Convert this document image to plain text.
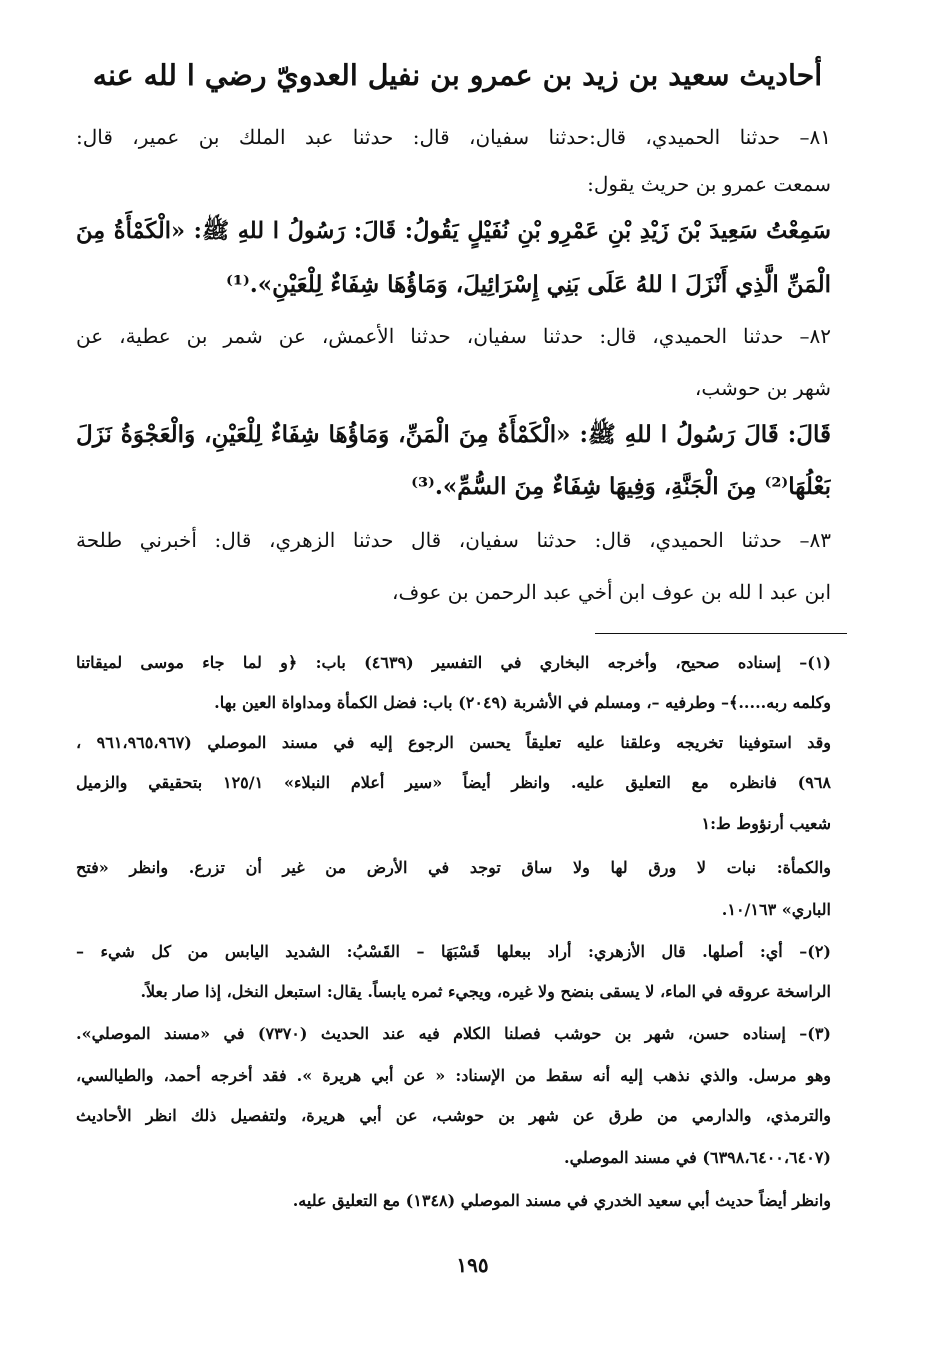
أحاديث سعيد بن زيد بن عمرو بن نفيل العدويّ رضي ا لله عنه
٨١– حدثنا الحميدي، قال:حدثنا سفيان، قال: حدثنا عبد الملك بن عمير، قال:
سمعت عمرو بن حريث يقول:
سَمِعْتُ سَعِيدَ بْنَ زَيْدِ بْنِ عَمْرِو بْنِ نُفَيْلٍ يَقُولُ: قَالَ: رَسُولُ ا للهِ ﷺ: «الْكَمْأَةُ مِنَ
الْمَنِّ الَّذِي أَنْزَلَ ا للهُ عَلَى بَنِي إِسْرَائِيلَ، وَمَاؤُهَا شِفَاءٌ لِلْعَيْنِ».⁽¹⁾
٨٢– حدثنا الحميدي، قال: حدثنا سفيان، حدثنا الأعمش، عن شمر بن عطية، عن
شهر بن حوشب،
قَالَ: قَالَ رَسُولُ ا للهِ ﷺ: «الْكَمْأَةُ مِنَ الْمَنِّ، وَمَاؤُهَا شِفَاءٌ لِلْعَيْنِ، وَالْعَجْوَةُ نَزَلَ
بَعْلُهَا⁽²⁾ مِنَ الْجَنَّةِ، وَفِيهَا شِفَاءٌ مِنَ السُّمِّ».⁽³⁾
٨٣– حدثنا الحميدي، قال: حدثنا سفيان، قال حدثنا الزهري، قال: أخبرني طلحة
ابن عبد ا لله بن عوف ابن أخي عبد الرحمن بن عوف،
(١)– إسناده صحيح، وأخرجه البخاري في التفسير (٤٦٣٩) باب: ﴿و لما جاء موسى لميقاتنا
وكلمه ربه.....﴾– وطرفيه –، ومسلم في الأشربة (٢٠٤٩) باب: فضل الكمأة ومداواة العين بها.
وقد استوفينا تخريجه وعلقنا عليه تعليقاً يحسن الرجوع إليه في مسند الموصلي (٩٦١،٩٦٥،٩٦٧ ،
٩٦٨) فانظره مع التعليق عليه. وانظر أيضاً «سير أعلام النبلاء» ١٢٥/١ بتحقيقي والزميل
شعيب أرنؤوط ط:١
والكمأة: نبات لا ورق لها ولا ساق توجد في الأرض من غير أن تزرع. وانظر «فتح
الباري» ١٠/١٦٣.
(٢)– أي: أصلها. قال الأزهري: أراد ببعلها قَسْبَهَا – القَسْبُ: الشديد اليابس من كل شيء –
الراسخة عروقه في الماء، لا يسقى بنضح ولا غيره، ويجيء ثمره يابساً. يقال: استبعل النخل، إذا صار بعلاً.
(٣)– إسناده حسن، شهر بن حوشب فصلنا الكلام فيه عند الحديث (٧٣٧٠) في «مسند الموصلي».
وهو مرسل. والذي نذهب إليه أنه سقط من الإسناد: « عن أبي هريرة ». فقد أخرجه أحمد، والطيالسي،
والترمذي، والدارمي من طرق عن شهر بن حوشب، عن أبي هريرة، ولتفصيل ذلك انظر الأحاديث
(٦٣٩٨،٦٤٠٠،٦٤٠٧) في مسند الموصلي.
وانظر أيضاً حديث أبي سعيد الخدري في مسند الموصلي (١٣٤٨) مع التعليق عليه.
١٩٥
